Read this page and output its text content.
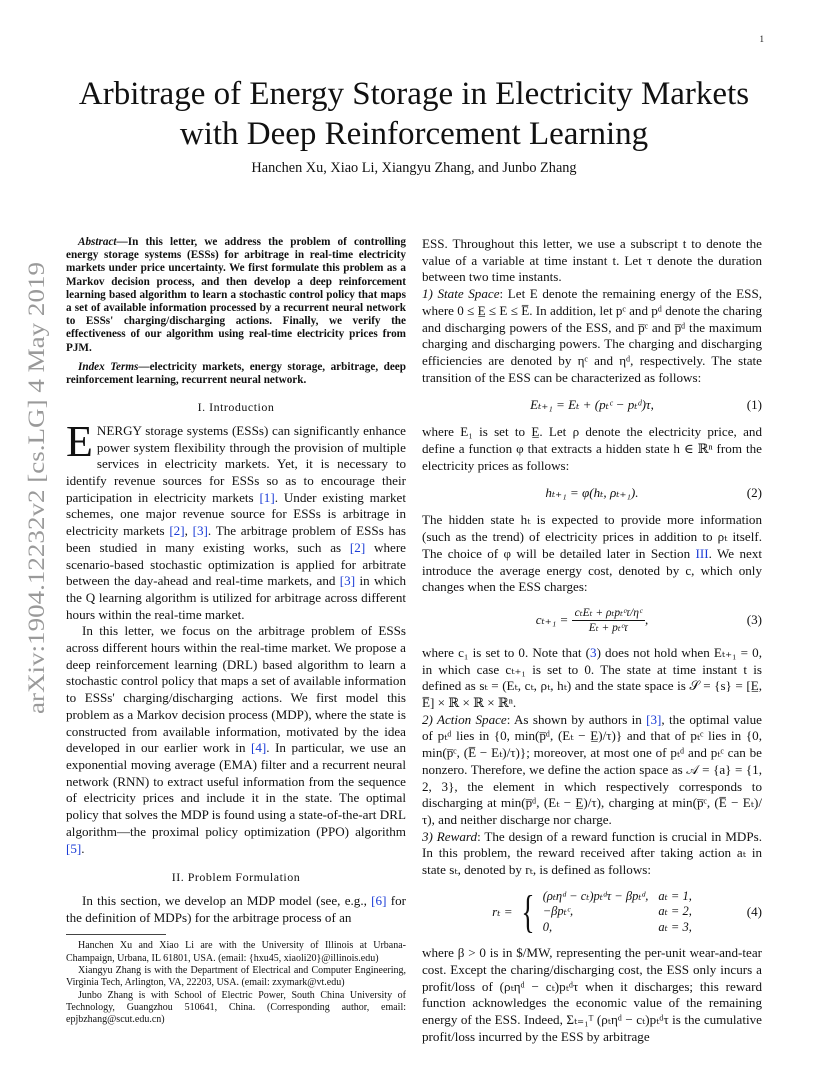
1
arXiv:1904.12232v2 [cs.LG] 4 May 2019
Arbitrage of Energy Storage in Electricity Markets
with Deep Reinforcement Learning
Hanchen Xu, Xiao Li, Xiangyu Zhang, and Junbo Zhang

Abstract—In this letter, we address the problem of controlling energy storage systems (ESSs) for arbitrage in real-time electricity markets under price uncertainty. We first formulate this problem as a Markov decision process, and then develop a deep reinforcement learning based algorithm to learn a stochastic control policy that maps a set of available information processed by a recurrent neural network to ESSs' charging/discharging actions. Finally, we verify the effectiveness of our algorithm using real-time electricity prices from PJM.

Index Terms—electricity markets, energy storage, arbitrage, deep reinforcement learning, recurrent neural network.

I. Introduction

ENERGY storage systems (ESSs) can significantly enhance power system flexibility through the provision of multiple services in electricity markets. Yet, it is necessary to identify revenue sources for ESSs so as to encourage their participation in electricity markets [1]. Under existing market schemes, one major revenue source for ESSs is arbitrage in electricity markets [2], [3]. The arbitrage problem of ESSs has been studied in many existing works, such as [2] where scenario-based stochastic optimization is applied for arbitrate between the day-ahead and real-time markets, and [3] in which the Q learning algorithm is utilized for arbitrage across different hours within the real-time market.

In this letter, we focus on the arbitrage problem of ESSs across different hours within the real-time market. We propose a deep reinforcement learning (DRL) based algorithm to learn a stochastic control policy that maps a set of available information to ESSs' charging/discharging actions. We first model this problem as a Markov decision process (MDP), where the state is constructed from available information, motivated by the idea developed in our earlier work in [4]. In particular, we use an exponential moving average (EMA) filter and a recurrent neural network (RNN) to extract useful information from the sequence of electricity prices and include it in the state. The optimal policy that solves the MDP is found using a state-of-the-art DRL algorithm—the proximal policy optimization (PPO) algorithm [5].

II. Problem Formulation

In this section, we develop an MDP model (see, e.g., [6] for the definition of MDPs) for the arbitrage process of an

Hanchen Xu and Xiao Li are with the University of Illinois at Urbana-Champaign, Urbana, IL 61801, USA. (email: {hxu45, xiaoli20}@illinois.edu)

Xiangyu Zhang is with the Department of Electrical and Computer Engineering, Virginia Tech, Arlington, VA, 22203, USA. (email: zxymark@vt.edu)

Junbo Zhang is with School of Electric Power, South China University of Technology, Guangzhou 510641, China. (Corresponding author, email: epjbzhang@scut.edu.cn)

ESS. Throughout this letter, we use a subscript t to denote the value of a variable at time instant t. Let τ denote the duration between two time instants.

1) State Space: Let E denote the remaining energy of the ESS, where 0 ≤ E̲ ≤ E ≤ E̅. In addition, let pᶜ and pᵈ denote the charing and discharging powers of the ESS, and p̅ᶜ and p̅ᵈ the maximum charging and discharging powers. The charging and discharging efficiencies are denoted by ηᶜ and ηᵈ, respectively. The state transition of the ESS can be characterized as follows:

Eₜ₊₁ = Eₜ + (pₜᶜ − pₜᵈ)τ,	(1)

where E₁ is set to E̲. Let ρ denote the electricity price, and define a function φ that extracts a hidden state h ∈ ℝⁿ from the electricity prices as follows:

hₜ₊₁ = φ(hₜ, ρₜ₊₁).	(2)

The hidden state hₜ is expected to provide more information (such as the trend) of electricity prices in addition to ρₜ itself. The choice of φ will be detailed later in Section III. We next introduce the average energy cost, denoted by c, which only changes when the ESS charges:

cₜ₊₁ =
$\frac{\text{cₜEₜ + ρₜpₜᶜτ/ηᶜ}}{\text{Eₜ + pₜᶜτ}}$ ,	(3)

where c₁ is set to 0. Note that (3) does not hold when Eₜ₊₁ = 0, in which case cₜ₊₁ is set to 0. The state at time instant t is defined as sₜ = (Eₜ, cₜ, ρₜ, hₜ) and the state space is 𝒮 = {s} = [E̲, E̅] × ℝ × ℝ × ℝⁿ.

2) Action Space: As shown by authors in [3], the optimal value of pₜᵈ lies in {0, min(p̅ᵈ, (Eₜ − E̲)/τ)} and that of pₜᶜ lies in {0, min(p̅ᶜ, (E̅ − Eₜ)/τ)}; moreover, at most one of pₜᵈ and pₜᶜ can be nonzero. Therefore, we define the action space as 𝒜 = {a} = {1, 2, 3}, the element in which respectively corresponds to discharging at min(p̅ᵈ, (Eₜ − E̲)/τ), charging at min(p̅ᶜ, (E̅ − Eₜ)/τ), and neither discharge nor charge.

3) Reward: The design of a reward function is crucial in MDPs. In this problem, the reward received after taking action aₜ in state sₜ, denoted by rₜ, is defined as follows:

rₜ = { (ρₜηᵈ − cₜ)pₜᵈτ − βpₜᵈ, aₜ = 1,
−βpₜᶜ,	aₜ = 2,
0,	aₜ = 3,
(4)

where β > 0 is in $/MW, representing the per-unit wear-and-tear cost. Except the charing/discharging cost, the ESS only incurs a profit/loss of (ρₜηᵈ − cₜ)pₜᵈτ when it discharges; this reward function acknowledges the economic value of the remaining energy of the ESS. Indeed, Σₜ₌₁ᵀ (ρₜηᵈ − cₜ)pₜᵈτ is the cumulative profit/loss incurred by the ESS by arbitrage
